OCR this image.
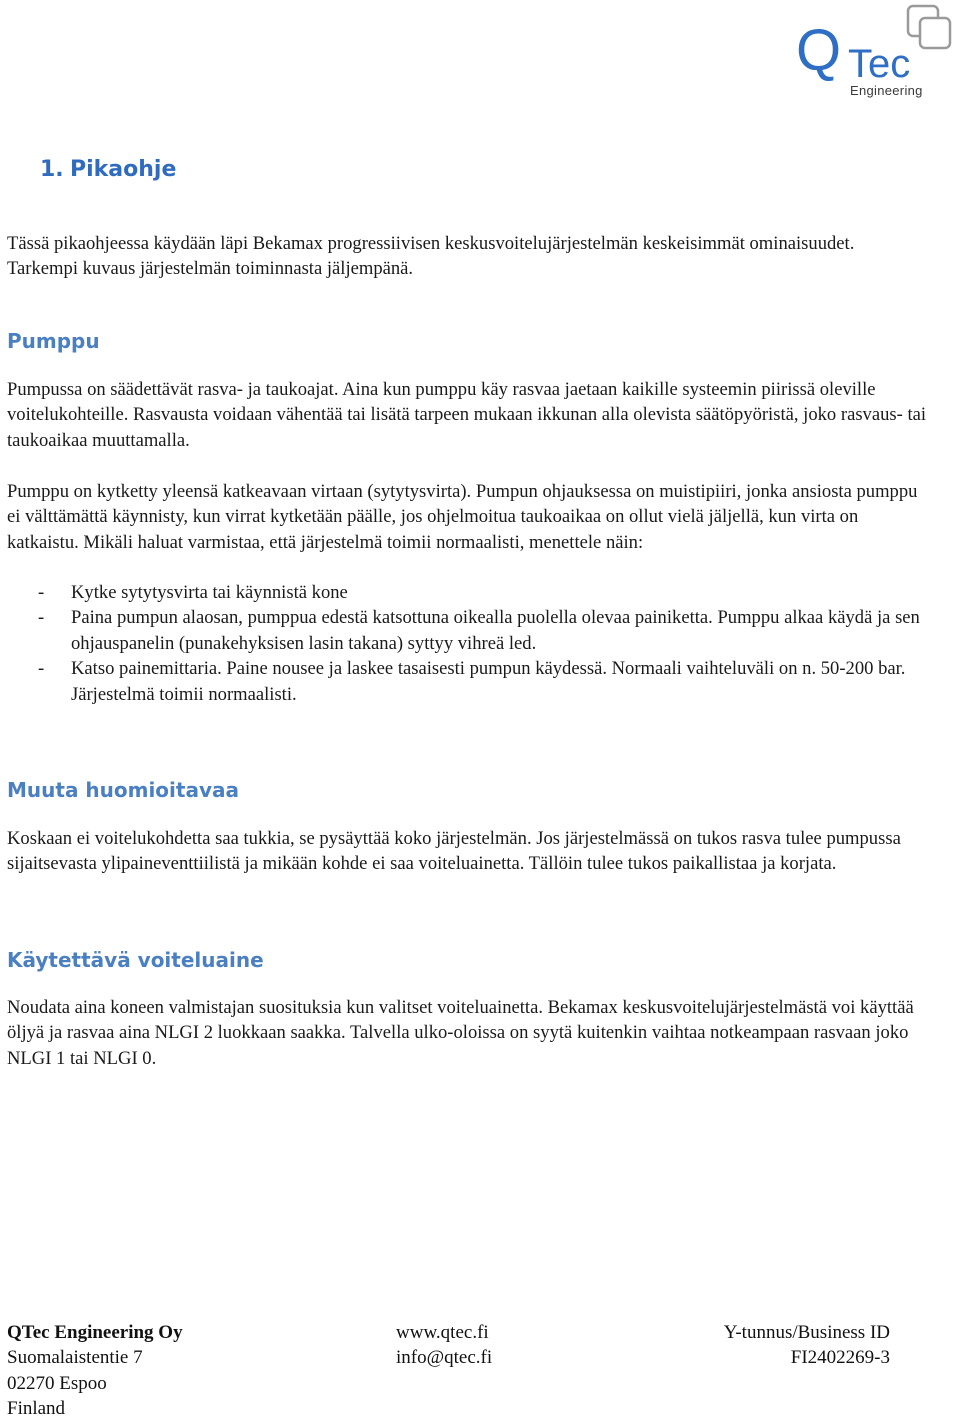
Q Tec
Engineering
1. Pikaohje

Tässä pikaohjeessa käydään läpi Bekamax progressiivisen keskusvoitelujärjestelmän keskeisimmät ominaisuudet. Tarkempi kuvaus järjestelmän toiminnasta jäljempänä.

Pumppu

Pumpussa on säädettävät rasva- ja taukoajat. Aina kun pumppu käy rasvaa jaetaan kaikille systeemin piirissä oleville voitelukohteille. Rasvausta voidaan vähentää tai lisätä tarpeen mukaan ikkunan alla olevista säätöpyöristä, joko rasvaus- tai taukoaikaa muuttamalla.

Pumppu on kytketty yleensä katkeavaan virtaan (sytytysvirta). Pumpun ohjauksessa on muistipiiri, jonka ansiosta pumppu ei välttämättä käynnisty, kun virrat kytketään päälle, jos ohjelmoitua taukoaikaa on ollut vielä jäljellä, kun virta on katkaistu. Mikäli haluat varmistaa, että järjestelmä toimii normaalisti, menettele näin:

-	Kytke sytytysvirta tai käynnistä kone
-	Paina pumpun alaosan, pumppua edestä katsottuna oikealla puolella olevaa painiketta. Pumppu alkaa käydä ja sen ohjauspanelin (punakehyksisen lasin takana) syttyy vihreä led.
-	Katso painemittaria. Paine nousee ja laskee tasaisesti pumpun käydessä. Normaali vaihteluväli on n. 50-200 bar. Järjestelmä toimii normaalisti.
Muuta huomioitavaa

Koskaan ei voitelukohdetta saa tukkia, se pysäyttää koko järjestelmän. Jos järjestelmässä on tukos rasva tulee pumpussa sijaitsevasta ylipaineventtiilistä ja mikään kohde ei saa voiteluainetta. Tällöin tulee tukos paikallistaa ja korjata.

Käytettävä voiteluaine

Noudata aina koneen valmistajan suosituksia kun valitset voiteluainetta. Bekamax keskusvoitelujärjestelmästä voi käyttää öljyä ja rasvaa aina NLGI 2 luokkaan saakka. Talvella ulko-oloissa on syytä kuitenkin vaihtaa notkeampaan rasvaan joko NLGI 1 tai NLGI 0.

QTec Engineering Oy
Suomalaistentie 7
02270 Espoo
Finland
www.qtec.fi
info@qtec.fi
Y-tunnus/Business ID
FI2402269-3
